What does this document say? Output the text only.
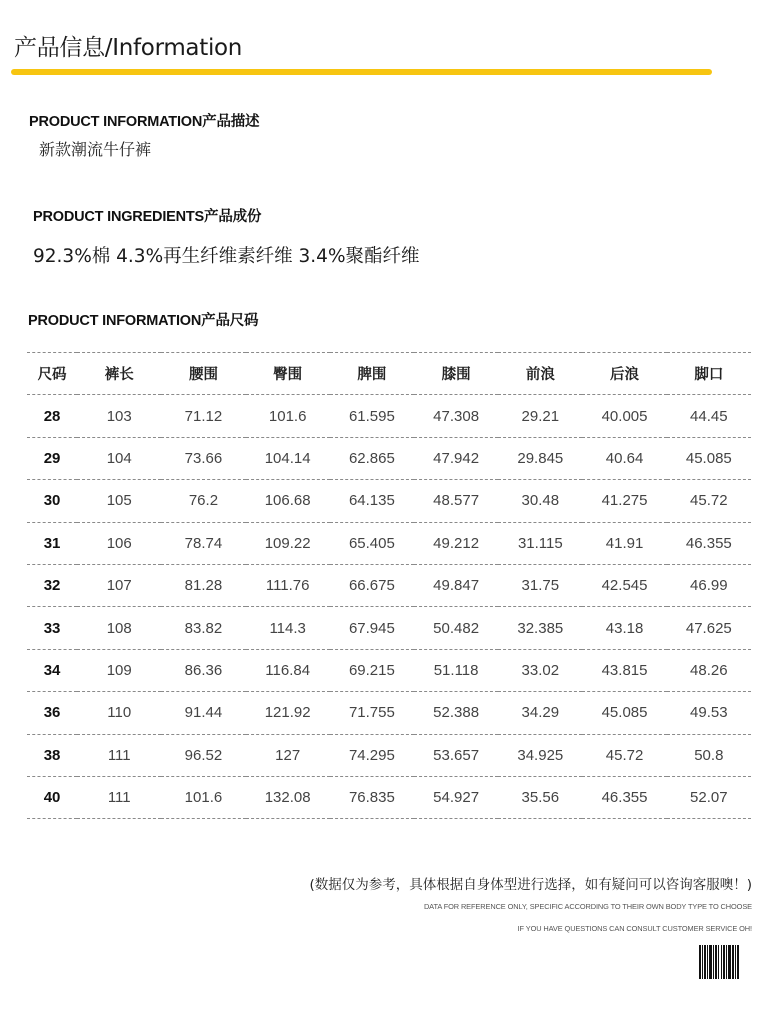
产品信息/Information
PRODUCT INFORMATION产品描述
新款潮流牛仔裤
PRODUCT INGREDIENTS产品成份
92.3%棉 4.3%再生纤维素纤维 3.4%聚酯纤维
PRODUCT INFORMATION产品尺码
尺码	裤长	腰围	臀围	脾围	膝围	前浪	后浪	脚口
28	103	71.12	101.6	61.595	47.308	29.21	40.005	44.45
29	104	73.66	104.14	62.865	47.942	29.845	40.64	45.085
30	105	76.2	106.68	64.135	48.577	30.48	41.275	45.72
31	106	78.74	109.22	65.405	49.212	31.115	41.91	46.355
32	107	81.28	111.76	66.675	49.847	31.75	42.545	46.99
33	108	83.82	114.3	67.945	50.482	32.385	43.18	47.625
34	109	86.36	116.84	69.215	51.118	33.02	43.815	48.26
36	110	91.44	121.92	71.755	52.388	34.29	45.085	49.53
38	111	96.52	127	74.295	53.657	34.925	45.72	50.8
40	111	101.6	132.08	76.835	54.927	35.56	46.355	52.07
(数据仅为参考，具体根据自身体型进行选择，如有疑问可以咨询客服噢！)
DATA FOR REFERENCE ONLY, SPECIFIC ACCORDING TO THEIR OWN BODY TYPE TO CHOOSE
IF YOU HAVE QUESTIONS CAN CONSULT CUSTOMER SERVICE OH!
